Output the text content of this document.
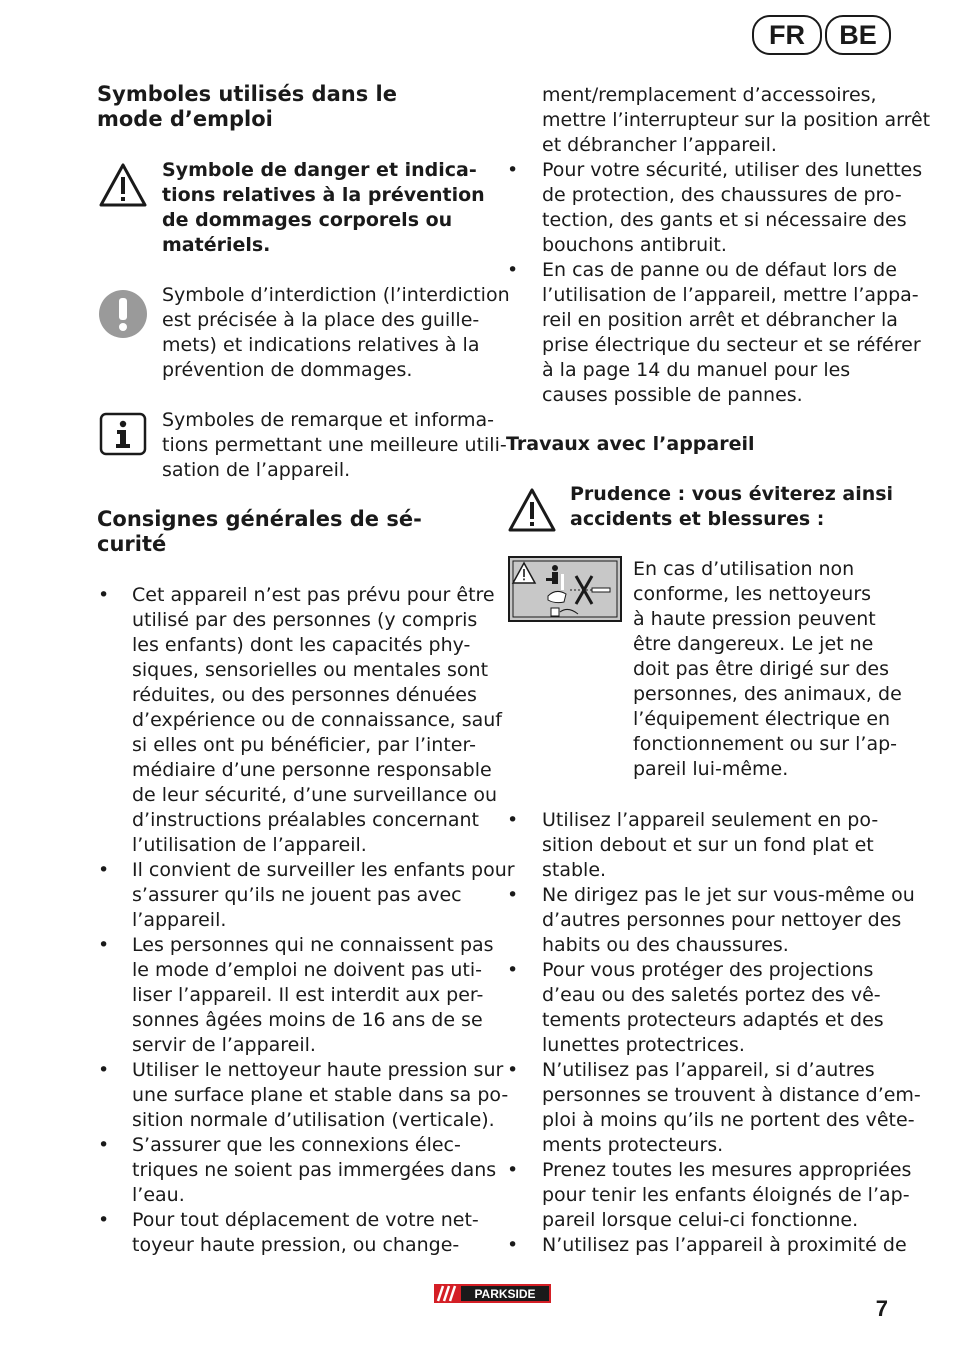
FR	BE
Symboles utilisés dans le
mode d’emploi
Symbole de danger et indica-
tions relatives à la prévention
de dommages corporels ou
matériels.
Symbole d’interdiction (l’interdiction
est précisée à la place des guille-
mets) et indications relatives à la
prévention de dommages.
Symboles de remarque et informa-
tions permettant une meilleure utili-
sation de l’appareil.
Consignes générales de sé-
curité
• Cet appareil n’est pas prévu pour être
utilisé par des personnes (y compris
les enfants) dont les capacités phy-
siques, sensorielles ou mentales sont
réduites, ou des personnes dénuées
d’expérience ou de connaissance, sauf
si elles ont pu bénéficier, par l’inter-
médiaire d’une personne responsable
de leur sécurité, d’une surveillance ou
d’instructions préalables concernant
l’utilisation de l’appareil.
• Il convient de surveiller les enfants pour
s’assurer qu’ils ne jouent pas avec
l’appareil.
• Les personnes qui ne connaissent pas
le mode d’emploi ne doivent pas uti-
liser l’appareil. Il est interdit aux per-
sonnes âgées moins de 16 ans de se
servir de l’appareil.
• Utiliser le nettoyeur haute pression sur
une surface plane et stable dans sa po-
sition normale d’utilisation (verticale).
• S’assurer que les connexions élec-
triques ne soient pas immergées dans
l’eau.
• Pour tout déplacement de votre net-
toyeur haute pression, ou change-
ment/remplacement d’accessoires,
mettre l’interrupteur sur la position arrêt
et débrancher l’appareil.
• Pour votre sécurité, utiliser des lunettes
de protection, des chaussures de pro-
tection, des gants et si nécessaire des
bouchons antibruit.
• En cas de panne ou de défaut lors de
l’utilisation de l’appareil, mettre l’appa-
reil en position arrêt et débrancher la
prise électrique du secteur et se référer
à la page 14 du manuel pour les
causes possible de pannes.
Travaux avec l’appareil
Prudence : vous éviterez ainsi
accidents et blessures :
En cas d’utilisation non
conforme, les nettoyeurs
à haute pression peuvent
être dangereux. Le jet ne
doit pas être dirigé sur des
personnes, des animaux, de
l’équipement électrique en
fonctionnement ou sur l’ap-
pareil lui-même.
• Utilisez l’appareil seulement en po-
sition debout et sur un fond plat et
stable.
• Ne dirigez pas le jet sur vous-même ou
d’autres personnes pour nettoyer des
habits ou des chaussures.
• Pour vous protéger des projections
d’eau ou des saletés portez des vê-
tements protecteurs adaptés et des
lunettes protectrices.
• N’utilisez pas l’appareil, si d’autres
personnes se trouvent à distance d’em-
ploi à moins qu’ils ne portent des vête-
ments protecteurs.
• Prenez toutes les mesures appropriées
pour tenir les enfants éloignés de l’ap-
pareil lorsque celui-ci fonctionne.
• N’utilisez pas l’appareil à proximité de
PARKSIDE
7
